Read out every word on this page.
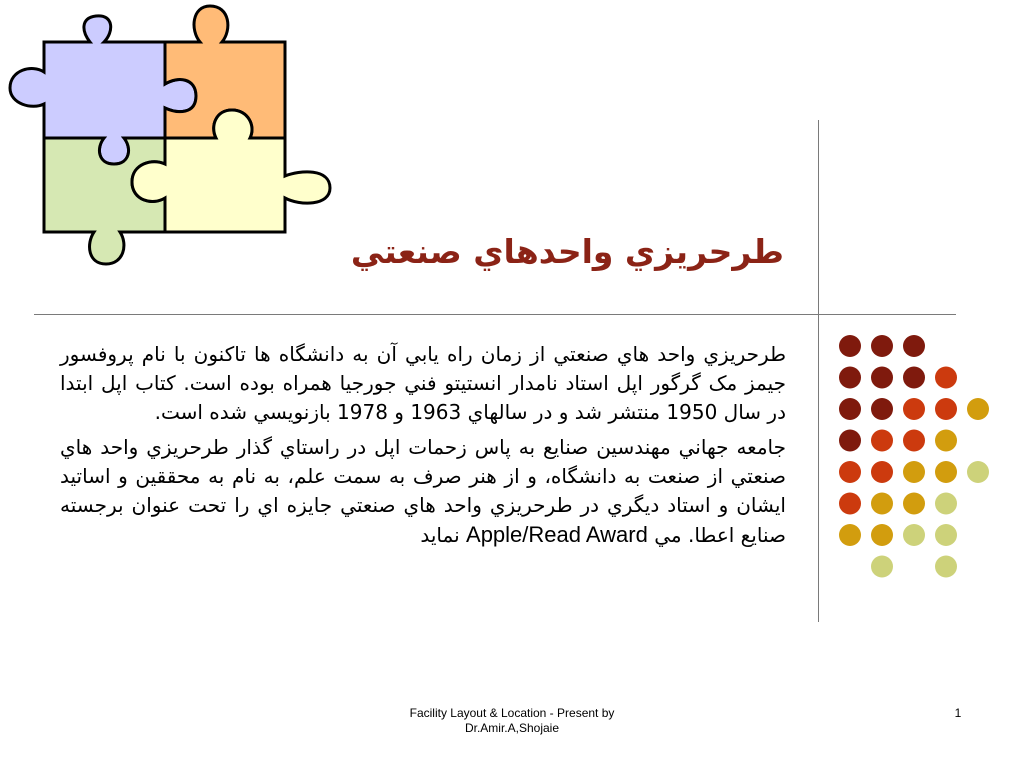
طرحريزي واحدهاي صنعتي

طرحريزي واحد هاي صنعتي از زمان راه يابي آن به دانشگاه ها تاكنون با نام پروفسور جيمز مک گرگور اپل استاد نامدار انستيتو فني جورجيا همراه بوده است. كتاب اپل ابتدا در سال 1950 منتشر شد و در سالهاي 1963 و 1978 بازنويسي شده است.

جامعه جهاني مهندسين صنايع به پاس زحمات اپل در راستاي گذار طرحريزي واحد هاي صنعتي از صنعت به دانشگاه، و از هنر صرف به سمت علم، به نام به محققين و اساتيد ايشان و استاد ديگري در طرحريزي واحد هاي صنعتي جايزه اي را تحت عنوان برجسته صنايع اعطا. مي Apple/Read Award نمايد

Facility Layout & Location - Present by
Dr.Amir.A,Shojaie
1
